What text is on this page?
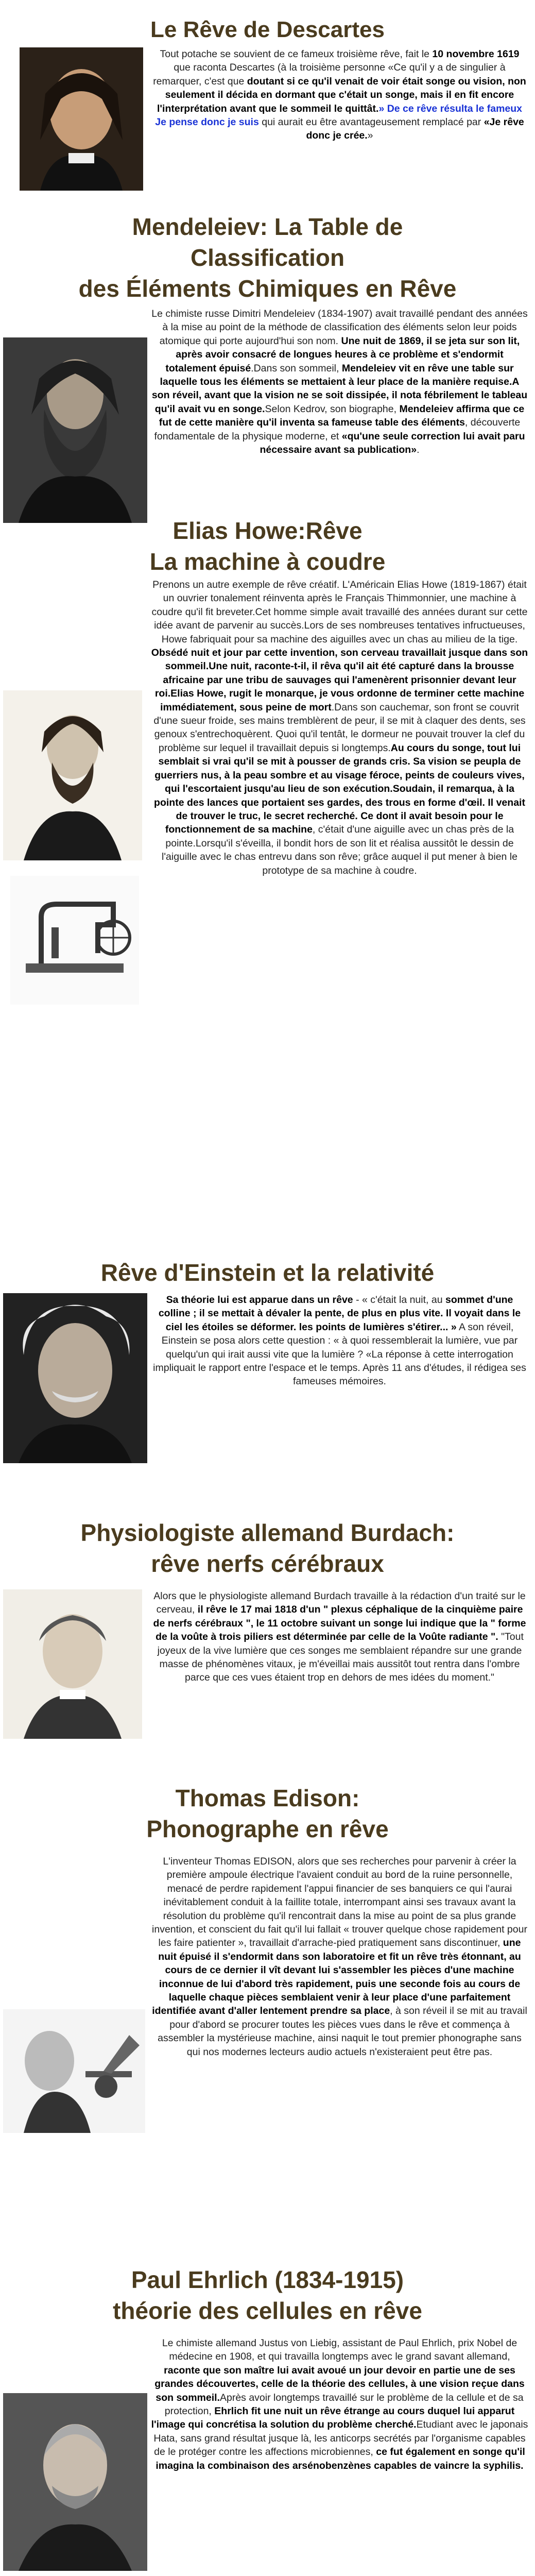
Le Rêve de Descartes

Tout potache se souvient de ce fameux troisième rêve, fait le 10 novembre 1619 que raconta Descartes (à la troisième personne «Ce qu'il y a de singulier à remarquer, c'est que doutant si ce qu'il venait de voir était songe ou vision, non seulement il décida en dormant que c'était un songe, mais il en fit encore l'interprétation avant que le sommeil le quittât.» De ce rêve résulta le fameux Je pense donc je suis qui aurait eu être avantageusement remplacé par «Je rêve donc je crée.»

Mendeleiev: La Table de
Classification
des Éléments Chimiques en Rêve

Le chimiste russe Dimitri Mendeleiev (1834-1907) avait travaillé pendant des années à la mise au point de la méthode de classification des éléments selon leur poids atomique qui porte aujourd'hui son nom. Une nuit de 1869, il se jeta sur son lit, après avoir consacré de longues heures à ce problème et s'endormit totalement épuisé.Dans son sommeil, Mendeleiev vit en rêve une table sur laquelle tous les éléments se mettaient à leur place de la manière requise.A son réveil, avant que la vision ne se soit dissipée, il nota fébrilement le tableau qu'il avait vu en songe.Selon Kedrov, son biographe, Mendeleiev affirma que ce fut de cette manière qu'il inventa sa fameuse table des éléments, découverte fondamentale de la physique moderne, et «qu'une seule correction lui avait paru nécessaire avant sa publication».

Elias Howe:Rêve
La machine à coudre

Prenons un autre exemple de rêve créatif. L'Américain Elias Howe (1819-1867) était un ouvrier tonalement réinventa après le Français Thimmonnier, une machine à coudre qu'il fit breveter.Cet homme simple avait travaillé des années durant sur cette idée avant de parvenir au succès.Lors de ses nombreuses tentatives infructueuses, Howe fabriquait pour sa machine des aiguilles avec un chas au milieu de la tige. Obsédé nuit et jour par cette invention, son cerveau travaillait jusque dans son sommeil.Une nuit, raconte-t-il, il rêva qu'il ait été capturé dans la brousse africaine par une tribu de sauvages qui l'amenèrent prisonnier devant leur roi.Elias Howe, rugit le monarque, je vous ordonne de terminer cette machine immédiatement, sous peine de mort.Dans son cauchemar, son front se couvrit d'une sueur froide, ses mains tremblèrent de peur, il se mit à claquer des dents, ses genoux s'entrechoquèrent. Quoi qu'il tentât, le dormeur ne pouvait trouver la clef du problème sur lequel il travaillait depuis si longtemps.Au cours du songe, tout lui semblait si vrai qu'il se mit à pousser de grands cris. Sa vision se peupla de guerriers nus, à la peau sombre et au visage féroce, peints de couleurs vives, qui l'escortaient jusqu'au lieu de son exécution.Soudain, il remarqua, à la pointe des lances que portaient ses gardes, des trous en forme d'œil. Il venait de trouver le truc, le secret recherché. Ce dont il avait besoin pour le fonctionnement de sa machine, c'était d'une aiguille avec un chas près de la pointe.Lorsqu'il s'éveilla, il bondit hors de son lit et réalisa aussitôt le dessin de l'aiguille avec le chas entrevu dans son rêve; grâce auquel il put mener à bien le prototype de sa machine à coudre.

Rêve d'Einstein et la relativité

Sa théorie lui est apparue dans un rêve - « c'était la nuit, au sommet d'une colline ; il se mettait à dévaler la pente, de plus en plus vite. Il voyait dans le ciel les étoiles se déformer. les points de lumières s'étirer... » A son réveil, Einstein se posa alors cette question : « à quoi ressemblerait la lumière, vue par quelqu'un qui irait aussi vite que la lumière ? «La réponse à cette interrogation impliquait le rapport entre l'espace et le temps. Après 11 ans d'études, il rédigea ses fameuses mémoires.

Physiologiste allemand Burdach:
rêve nerfs cérébraux

Alors que le physiologiste allemand Burdach travaille à la rédaction d'un traité sur le cerveau, il rêve le 17 mai 1818 d'un " plexus céphalique de la cinquième paire de nerfs cérébraux ", le 11 octobre suivant un songe lui indique que la " forme de la voûte à trois piliers est déterminée par celle de la Voûte radiante ". "Tout joyeux de la vive lumière que ces songes me semblaient répandre sur une grande masse de phénomènes vitaux, je m'éveillai mais aussitôt tout rentra dans l'ombre parce que ces vues étaient trop en dehors de mes idées du moment."

Thomas Edison:
Phonographe en rêve

L'inventeur Thomas EDISON, alors que ses recherches pour parvenir à créer la première ampoule électrique l'avaient conduit au bord de la ruine personnelle, menacé de perdre rapidement l'appui financier de ses banquiers ce qui l'aurai inévitablement conduit à la faillite totale, interrompant ainsi ses travaux avant la résolution du problème qu'il rencontrait dans la mise au point de sa plus grande invention, et conscient du fait qu'il lui fallait « trouver quelque chose rapidement pour les faire patienter », travaillait d'arrache-pied pratiquement sans discontinuer, une nuit épuisé il s'endormit dans son laboratoire et fit un rêve très étonnant, au cours de ce dernier il vît devant lui s'assembler les pièces d'une machine inconnue de lui d'abord très rapidement, puis une seconde fois au cours de laquelle chaque pièces semblaient venir à leur place d'une parfaitement identifiée avant d'aller lentement prendre sa place, à son réveil il se mit au travail pour d'abord se procurer toutes les pièces vues dans le rêve et commença à assembler la mystérieuse machine, ainsi naquit le tout premier phonographe sans qui nos modernes lecteurs audio actuels n'existeraient peut être pas.

Paul Ehrlich (1834-1915)
théorie des cellules en rêve

Le chimiste allemand Justus von Liebig, assistant de Paul Ehrlich, prix Nobel de médecine en 1908, et qui travailla longtemps avec le grand savant allemand, raconte que son maître lui avait avoué un jour devoir en partie une de ses grandes découvertes, celle de la théorie des cellules, à une vision reçue dans son sommeil.Après avoir longtemps travaillé sur le problème de la cellule et de sa protection, Ehrlich fit une nuit un rêve étrange au cours duquel lui apparut l'image qui concrétisa la solution du problème cherché.Etudiant avec le japonais Hata, sans grand résultat jusque là, les anticorps secrétés par l'organisme capables de le protéger contre les affections microbiennes, ce fut également en songe qu'il imagina la combinaison des arsénobenzènes capables de vaincre la syphilis.
